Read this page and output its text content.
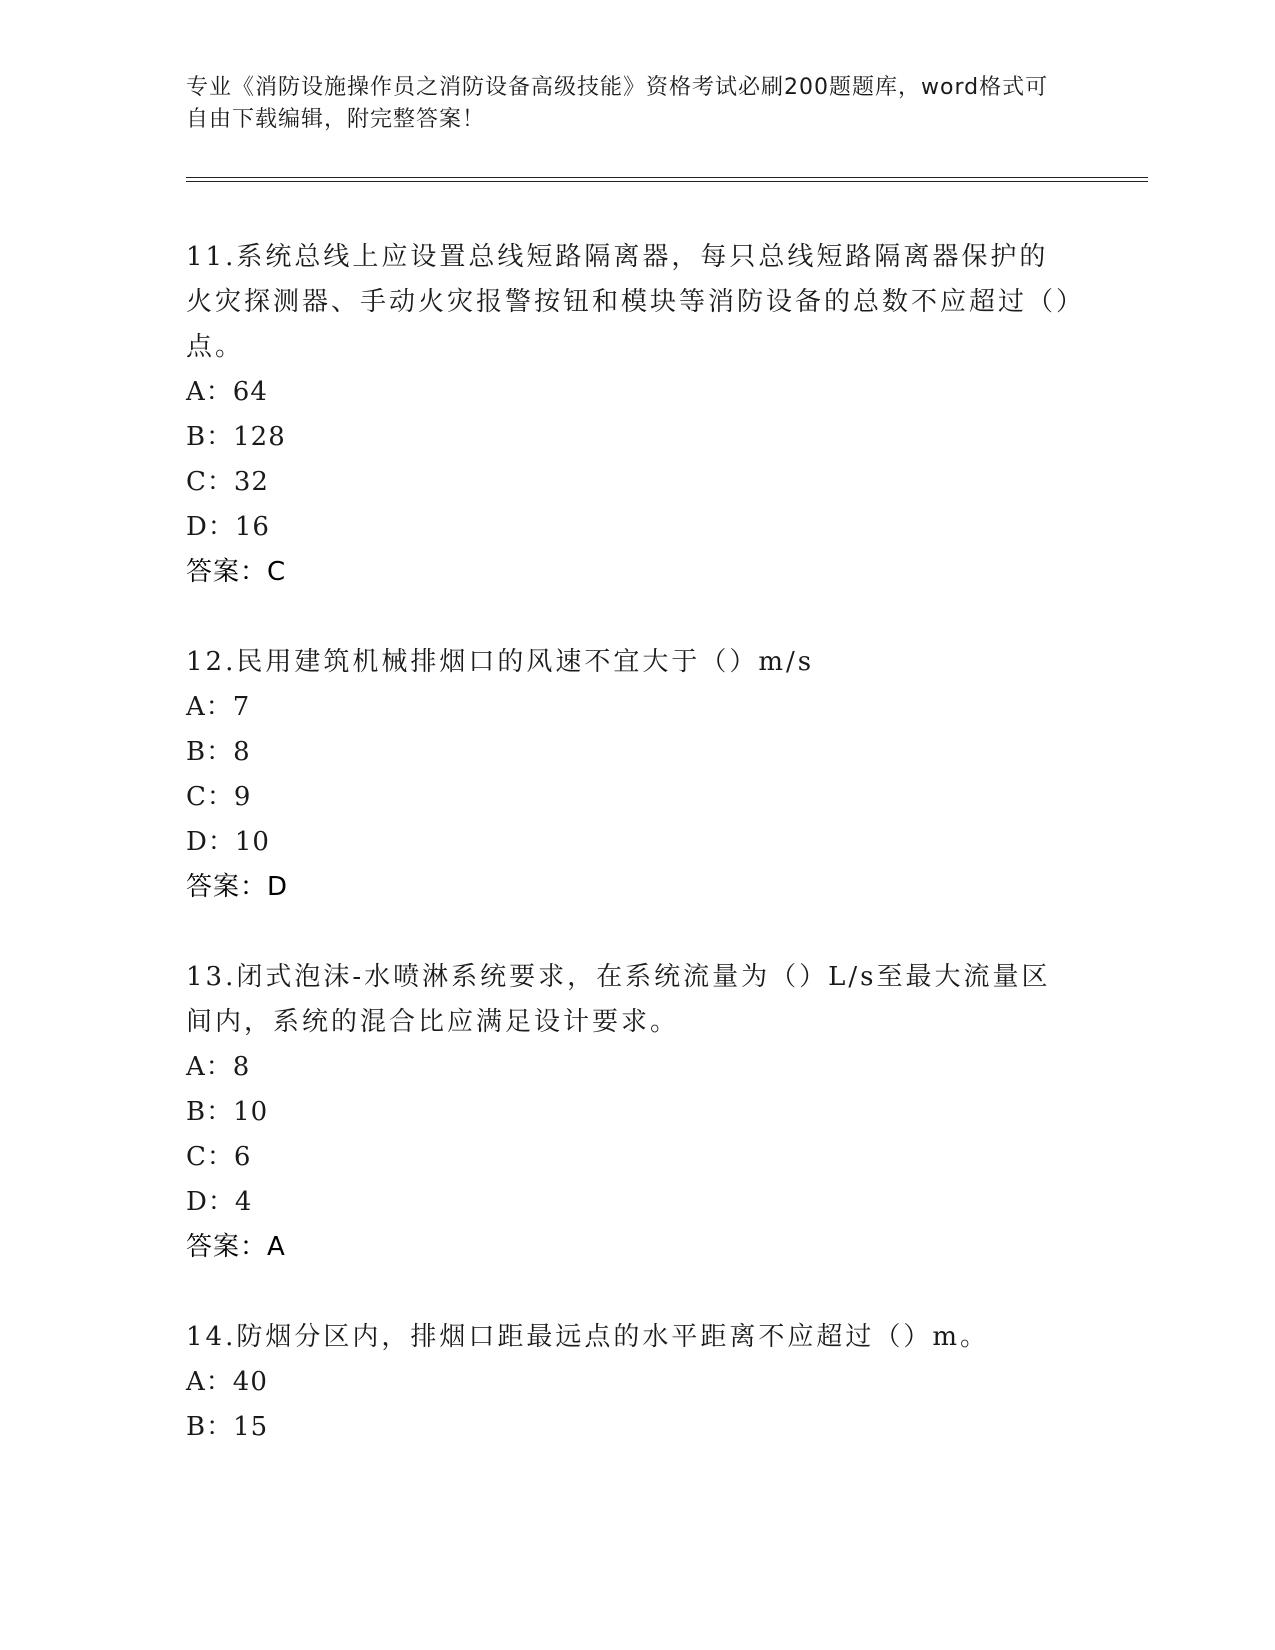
专业《消防设施操作员之消防设备高级技能》资格考试必刷200题题库，word格式可自由下载编辑，附完整答案！
11.系统总线上应设置总线短路隔离器，每只总线短路隔离器保护的火灾探测器、手动火灾报警按钮和模块等消防设备的总数不应超过（）点。
A：64
B：128
C：32
D：16
答案：C
12.民用建筑机械排烟口的风速不宜大于（）m/s
A：7
B：8
C：9
D：10
答案：D
13.闭式泡沫-水喷淋系统要求，在系统流量为（）L/s至最大流量区间内，系统的混合比应满足设计要求。
A：8
B：10
C：6
D：4
答案：A
14.防烟分区内，排烟口距最远点的水平距离不应超过（）m。
A：40
B：15
